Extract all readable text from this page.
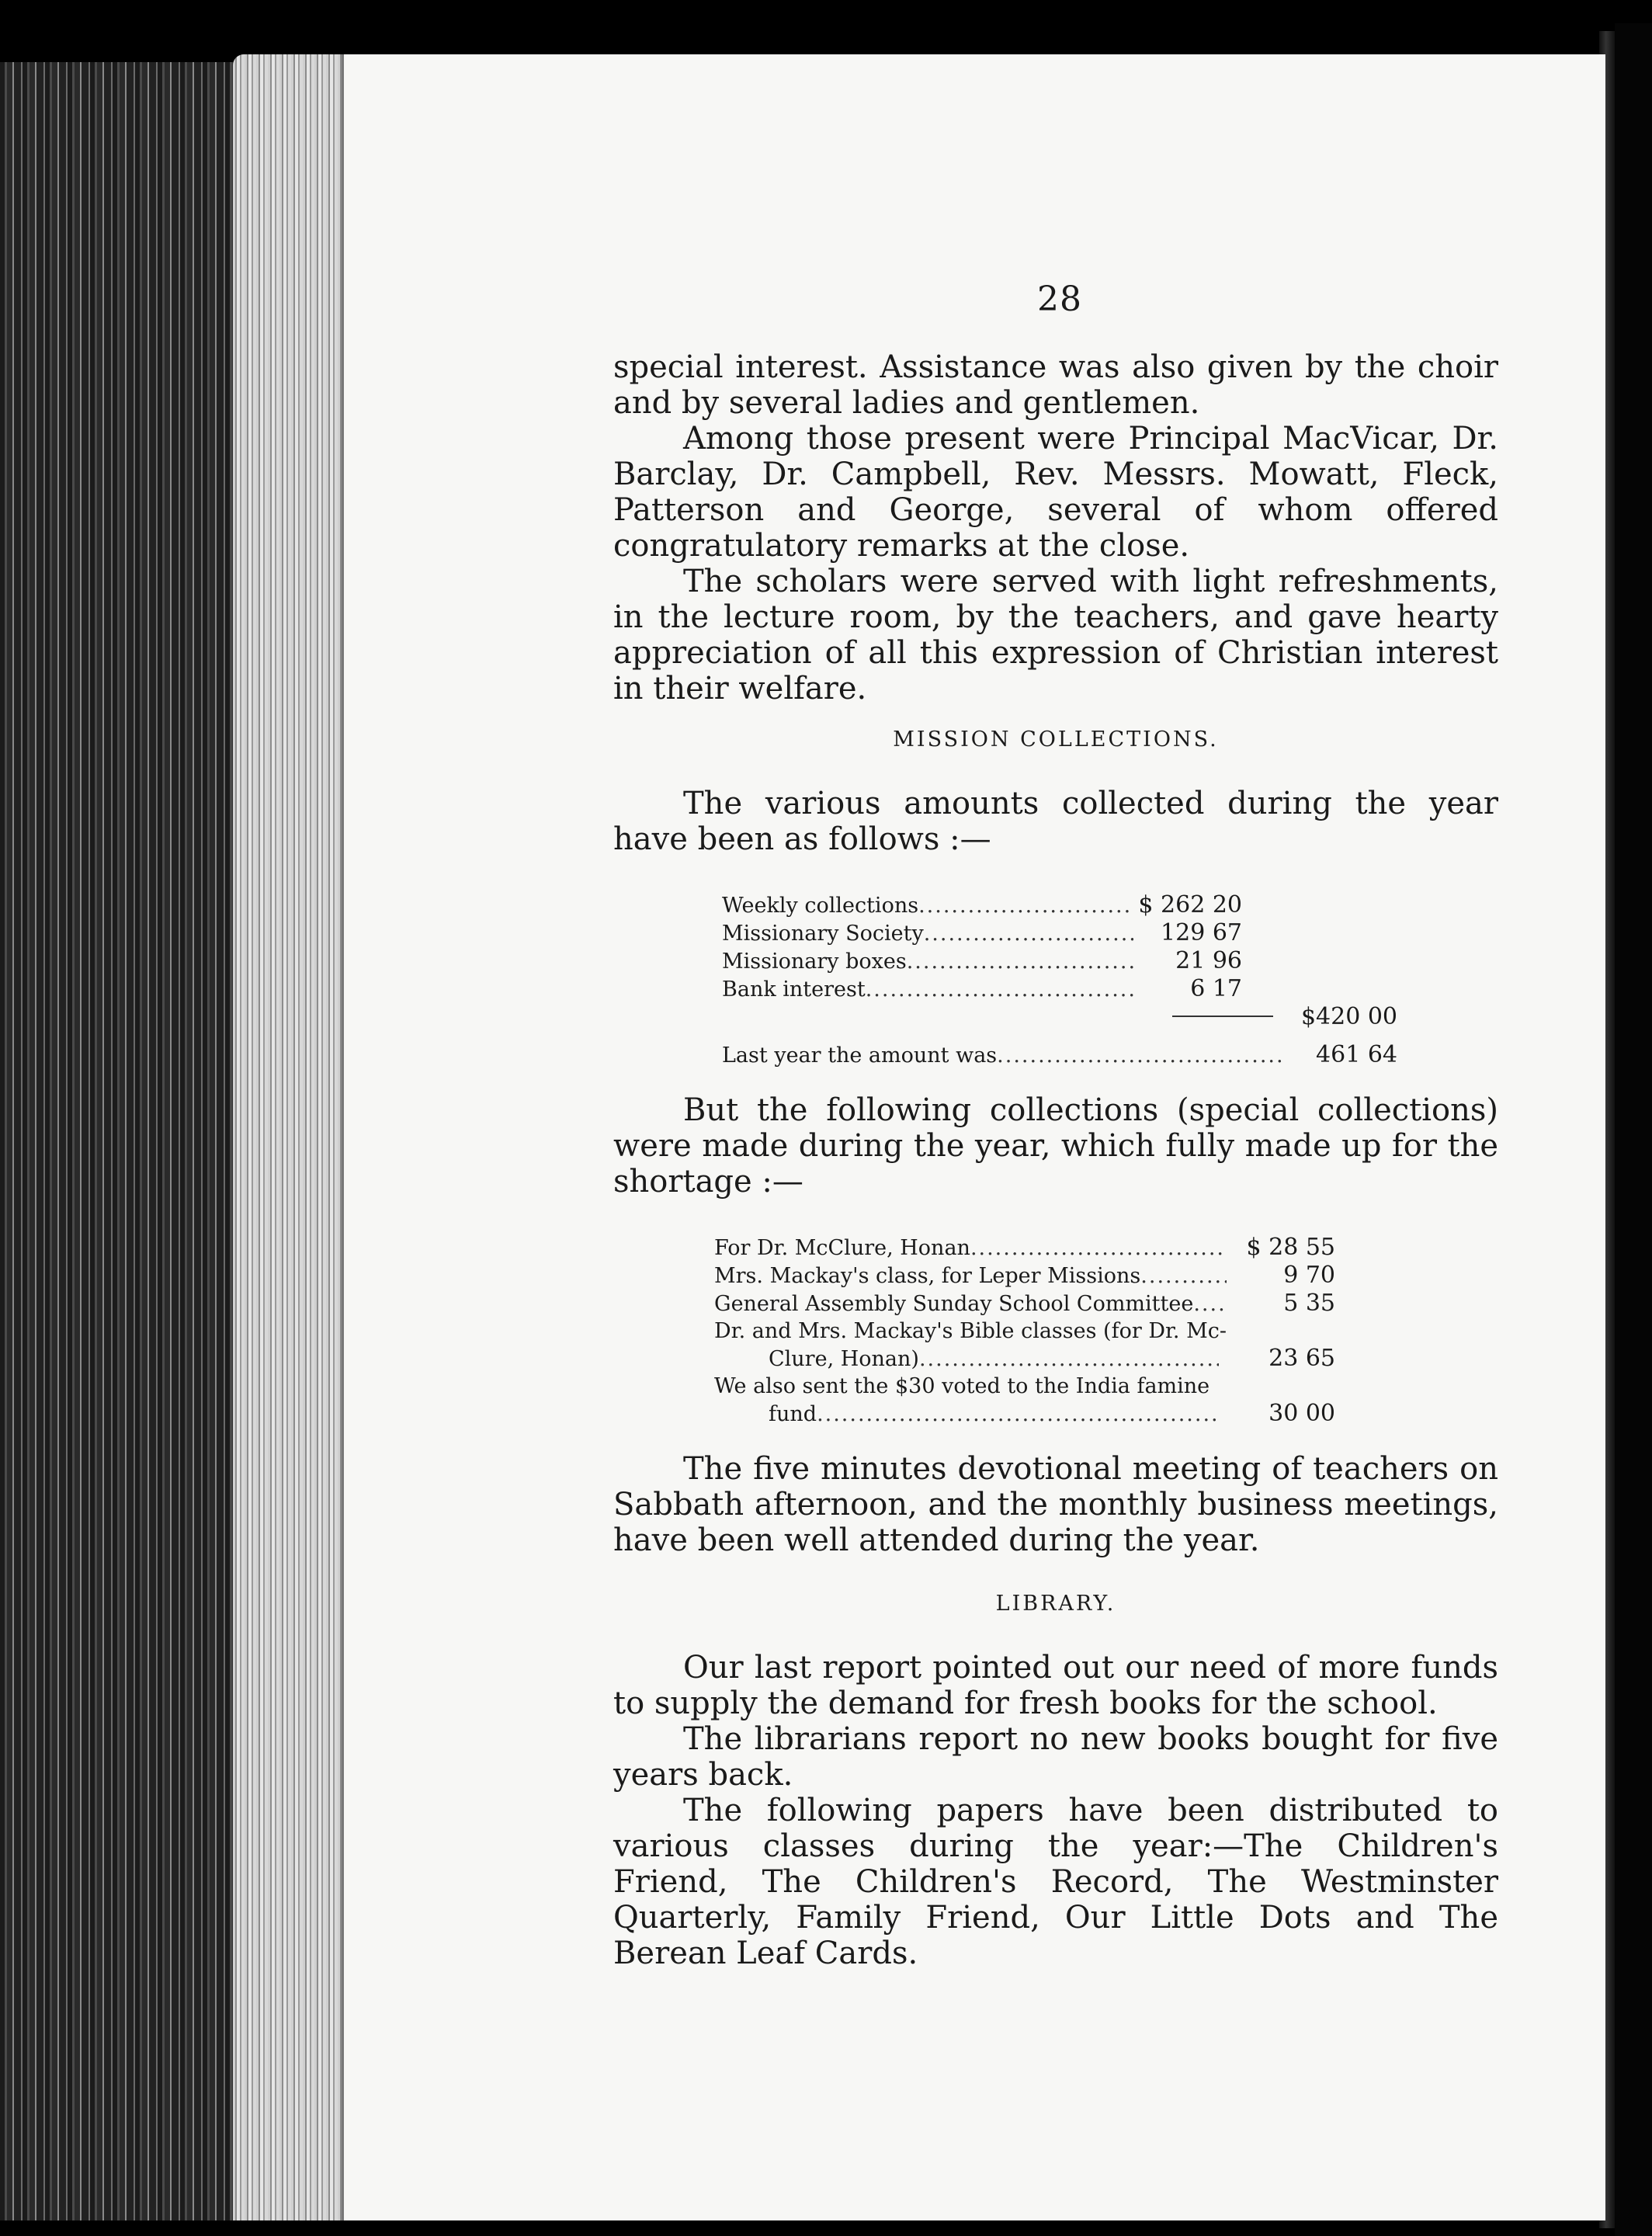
28

special interest. Assistance was also given by the choir and by several ladies and gentlemen.

Among those present were Principal MacVicar, Dr. Barclay, Dr. Campbell, Rev. Messrs. Mowatt, Fleck, Patterson and George, several of whom offered congratulatory remarks at the close.

The scholars were served with light refreshments, in the lecture room, by the teachers, and gave hearty appreciation of all this expression of Christian interest in their welfare.

MISSION COLLECTIONS.

The various amounts collected during the year have been as follows :—

Weekly collections .....	$ 262 20
Missionary Society .....	129 67
Missionary boxes .....	21 96
Bank interest .....	6 17
$420 00
Last year the amount was .....	461 64

But the following collections (special collections) were made during the year, which fully made up for the shortage :—

For Dr. McClure, Honan .....	$ 28 55
Mrs. Mackay's class, for Leper Missions .....	9 70
General Assembly Sunday School Committee .....	5 35
Dr. and Mrs. Mackay's Bible classes (for Dr. Mc-
Clure, Honan) .....	23 65
We also sent the $30 voted to the India famine
fund .....	30 00

The five minutes devotional meeting of teachers on Sabbath afternoon, and the monthly business meetings, have been well attended during the year.

LIBRARY.

Our last report pointed out our need of more funds to supply the demand for fresh books for the school.

The librarians report no new books bought for five years back.

The following papers have been distributed to various classes during the year:—The Children's Friend, The Children's Record, The Westminster Quarterly, Family Friend, Our Little Dots and The Berean Leaf Cards.
